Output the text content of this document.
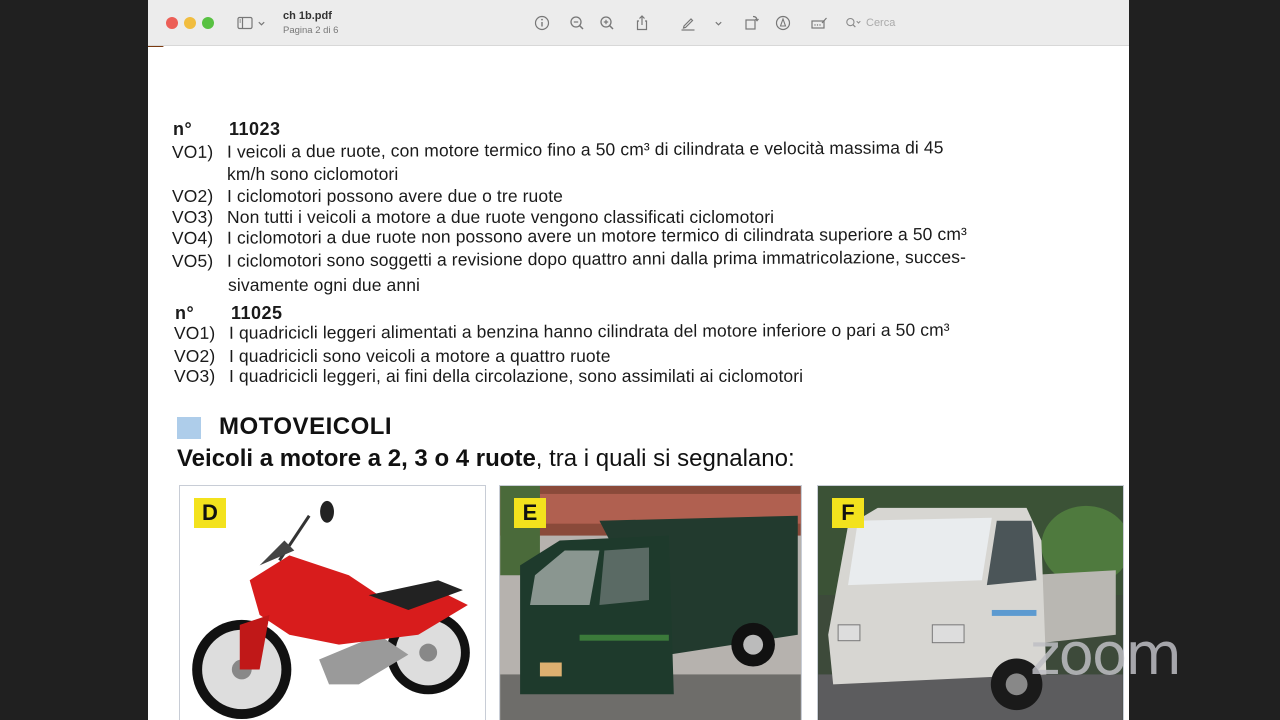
ch 1b.pdf
Pagina 2 di 6
Cerca
n° 11023
VO1) I veicoli a due ruote, con motore termico fino a 50 cm³ di cilindrata e velocità massima di 45
km/h sono ciclomotori
VO2) I ciclomotori possono avere due o tre ruote
VO3) Non tutti i veicoli a motore a due ruote vengono classificati ciclomotori
VO4) I ciclomotori a due ruote non possono avere un motore termico di cilindrata superiore a 50 cm³
VO5) I ciclomotori sono soggetti a revisione dopo quattro anni dalla prima immatricolazione, succes-
sivamente ogni due anni
n° 11025
VO1) I quadricicli leggeri alimentati a benzina hanno cilindrata del motore inferiore o pari a 50 cm³
VO2) I quadricicli sono veicoli a motore a quattro ruote
VO3) I quadricicli leggeri, ai fini della circolazione, sono assimilati ai ciclomotori
MOTOVEICOLI
Veicoli a motore a 2, 3 o 4 ruote, tra i quali si segnalano:
D	E	F
zoom
